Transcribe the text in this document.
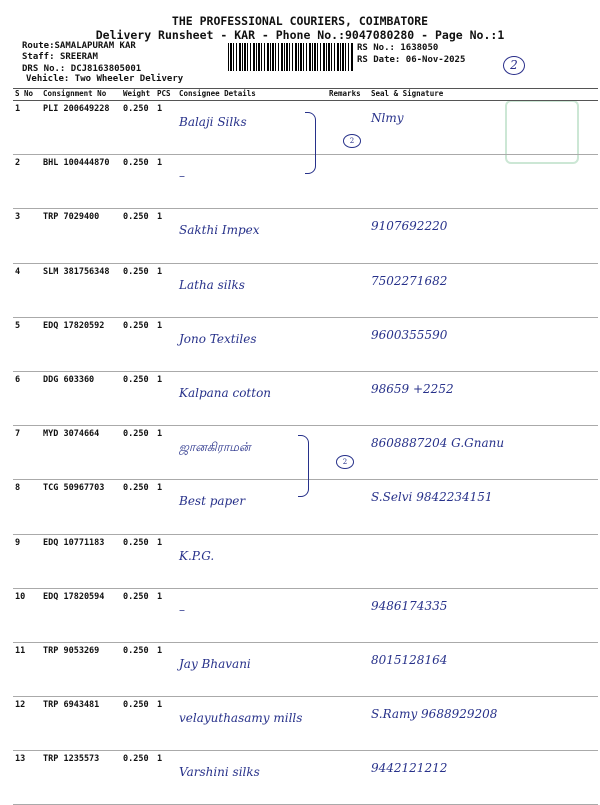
THE PROFESSIONAL COURIERS, COIMBATORE
Delivery Runsheet - KAR - Phone No.:9047080280 - Page No.:1
Route:SAMALAPURAM KAR
Staff: SREERAM
DRS No.: DCJ8163805001
Vehicle: Two Wheeler Delivery
RS No.: 1638050
RS Date: 06-Nov-2025	2
S No	Consignment No	Weight	PCS	Consignee Details	Remarks	Seal & Signature
1	PLI 200649228	0.250	1	Balaji Silks		Nlmy
2	BHL 100444870	0.250	1	–		
3	TRP 7029400	0.250	1	Sakthi Impex		9107692220
4	SLM 381756348	0.250	1	Latha silks		7502271682
5	EDQ 17820592	0.250	1	Jono Textiles		9600355590
6	DDG 603360	0.250	1	Kalpana cotton		98659 +2252
7	MYD 3074664	0.250	1	ஜானகிராமன்		8608887204 G.Gnanu
8	TCG 50967703	0.250	1	Best paper		S.Selvi 9842234151
9	EDQ 10771183	0.250	1	K.P.G.		
10	EDQ 17820594	0.250	1	–		9486174335
11	TRP 9053269	0.250	1	Jay Bhavani		8015128164
12	TRP 6943481	0.250	1	velayuthasamy mills		S.Ramy 9688929208
13	TRP 1235573	0.250	1	Varshini silks		9442121212
2
2
